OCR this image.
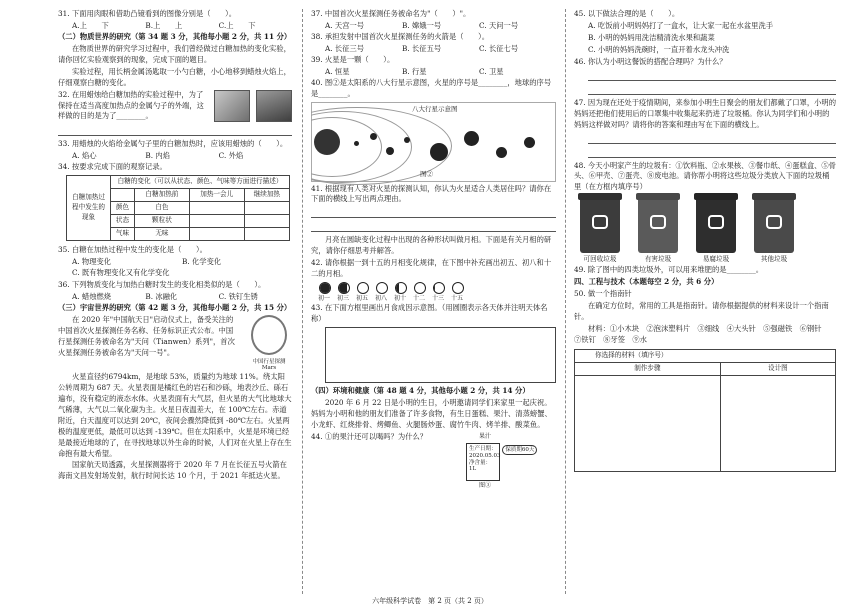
31. 下面用肉眼和借助凸镜看到的图像分别是（　　）。

A.上　　下	B.上　　上	C.上　　下

（二）物质世界的研究（第 34 题 3 分，其他每小题 2 分，共 11 分）

在物质世界的研究学习过程中，我们曾经做过白糖加热的变化实验，请你回忆实验观察到的现象，完成下面的题目。

实验过程，用长柄金属汤匙取一小勺白糖，小心地移到蜡烛火焰上，仔细观察白糖的变化。

32. 在用蜡烛给白糖加热的实验过程中，为了保持在适当高度加热点的金属勺子的外端，这样做的目的是为了________。

33. 用蜡烛的火焰给金属勺子里的白糖加热时，应该用蜡烛的（　　）。

A. 焰心	B. 内焰	C. 外焰

34. 按要求完成下面的观察记录。

白糖加热过程中发生的现象	白糖的变化（可以从状态、颜色、气味等方面进行描述）			
		白糖加热前	加热一会儿	继续加热
	颜色	白色		
	状态	颗粒状		
	气味	无味		

35. 白糖在加热过程中发生的变化是（　　）。

A. 物理变化	B. 化学变化

C. 既有物理变化又有化学变化

36. 下列物质变化与加热白糖时发生的变化相类似的是（　　）。

A. 蜡烛燃烧	B. 冰融化	C. 铁钉生锈

（三）宇宙世界的研究（第 42 题 3 分，其他每小题 2 分，共 15 分）

在 2020 年"中国航天日"启动仪式上，备受关注的中国首次火星探测任务名称、任务标识正式公布。中国行星探测任务被命名为"天问（Tianwen）系列"，首次火星探测任务被命名为"天问一号"。

中国行星探测 Mars

火星直径约6794km，是地球 53%，质量约为地球 11%。绕太阳公转周期为 687 天。火星表面是橘红色的岩石和沙砾，地表沙丘、砾石遍布，没有稳定的液态水体。火星表面有大气层，但火星的大气比地球大气稀薄，大气以二氧化碳为主。火星日夜温差大，在 100℃左右。赤道附近，白天温度可以达到 20℃，夜间会骤然降低到 -80℃左右。火星两极的温度更低，最低可以达到 -139℃。但在太阳系中，火星是环境已经是最接近地球的了，在寻找地球以外生命的时候，人们对在火星上存在生命抱有最大希望。

国家航天局透露，火星探测器将于 2020 年 7 月在长征五号火箭在海南文昌发射场发射，航行时间长达 10 个月，于 2021 年抵达火星。

37. 中国首次火星探测任务被命名为"（　　）"。

A. 天宫一号	B. 嫦娥一号	C. 天问一号

38. 承担发射中国首次火星探测任务的火箭是（　　）。

A. 长征三号	B. 长征五号	C. 长征七号

39. 火星是一颗（　　）。

A. 恒星	B. 行星	C. 卫星

40. 图②是太阳系的八大行星示意图，火星的序号是________，地球的序号是________。

八大行星示意图
图②

41. 根据现有人类对火星的探测认知，你认为火星适合人类居住吗？请你在下面的横线上写出两点理由。

月亮在圆缺变化过程中出现的各种形状叫做月相。下面是有关月相的研究，请你仔细思考并解答。

42. 请你根据一到十五的月相变化规律，在下图中补充画出初五、初八和十二的月相。

初一	初三	初五	初八	初十	十二	十三	十五

43. 在下面方框里画出月食成因示意图。（用圆圈表示各天体并注明天体名称）

（四）环境和健康（第 48 题 4 分，其他每小题 2 分，共 14 分）

2020 年 6 月 22 日是小明的生日，小明邀请同学们来家里一起庆祝。妈妈为小明和他的朋友们准备了许多食物，有生日蛋糕、果汁、清蒸螃蟹、小龙虾、红烧排骨、烤鲫鱼、火腿肠炒蛋、腐竹牛肉、烤羊排、酸菜鱼。

44. ①的果汁还可以喝吗？为什么？	果汁
生产日期：2020.05.03 净含量：1L 保质期60天
图③

45. 以下做法合理的是（　　）。

A. 吃饭前小明妈妈打了一盒水，让大家一起在水盆里洗手

B. 小明的妈妈用洗洁精清洗水果和蔬菜

C. 小明的妈妈洗碗时，一直开着水龙头冲洗

46. 你认为小明这餐饭的搭配合理吗？为什么？

47. 因为现在还处于疫情期间，来参加小明生日聚会的朋友们都戴了口罩，小明的妈妈还把他们使用后的口罩集中收集起来扔进了垃圾桶。你认为同学们和小明的妈妈这样做对吗？请将你的答案和理由写在下面的横线上。

48. 今天小明家产生的垃圾有：①饮料瓶、②水果核、③餐巾纸、④蛋糕盒、⑤骨头、⑥甲壳、⑦蛋壳、⑧废电池。请你帮小明将这些垃圾分类放入下面的垃圾桶里（在方框内填序号）

可回收垃圾	有害垃圾	易腐垃圾	其他垃圾

49. 除了图中的四类垃圾外，可以用来堆肥的是________。

四、工程与技术（本题每空 2 分，共 6 分）

50. 做一个指南针

在确定方位时，常用的工具是指南针。请你根据提供的材料来设计一个指南针。

材料：①小木块　②泡沫塑料片　③细线　④大头针　⑤强磁铁　⑥钢针　⑦铁钉　⑧牙签　⑨水

你选择的材料（填序号）	
制作步骤	设计图

六年级科学试卷　第 2 页（共 2 页）
